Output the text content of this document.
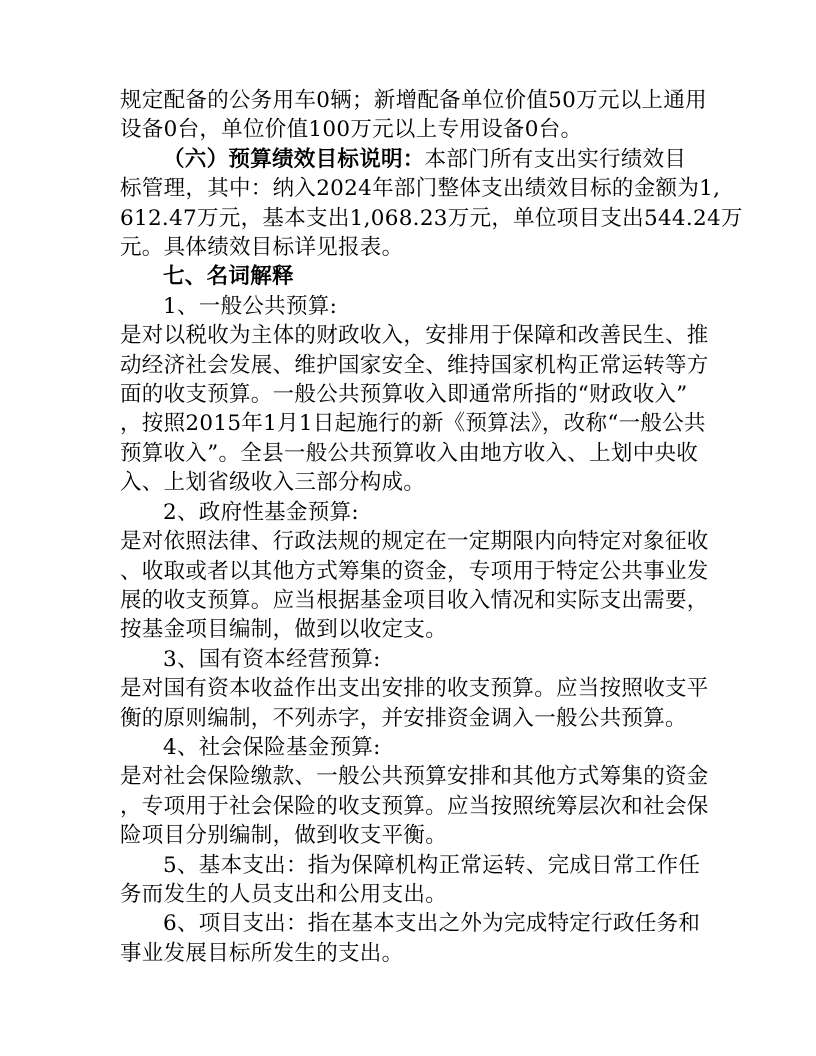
规定配备的公务用车0辆；新增配备单位价值50万元以上通用
设备0台，单位价值100万元以上专用设备0台。
（六）预算绩效目标说明：本部门所有支出实行绩效目
标管理，其中：纳入2024年部门整体支出绩效目标的金额为1,
612.47万元，基本支出1,068.23万元，单位项目支出544.24万
元。具体绩效目标详见报表。
七、名词解释
1、一般公共预算:
是对以税收为主体的财政收入，安排用于保障和改善民生、推
动经济社会发展、维护国家安全、维持国家机构正常运转等方
面的收支预算。一般公共预算收入即通常所指的“财政收入”
，按照2015年1月1日起施行的新《预算法》，改称“一般公共
预算收入”。全县一般公共预算收入由地方收入、上划中央收
入、上划省级收入三部分构成。
2、政府性基金预算:
是对依照法律、行政法规的规定在一定期限内向特定对象征收
、收取或者以其他方式筹集的资金，专项用于特定公共事业发
展的收支预算。应当根据基金项目收入情况和实际支出需要，
按基金项目编制，做到以收定支。
3、国有资本经营预算:
是对国有资本收益作出支出安排的收支预算。应当按照收支平
衡的原则编制，不列赤字，并安排资金调入一般公共预算。
4、社会保险基金预算:
是对社会保险缴款、一般公共预算安排和其他方式筹集的资金
，专项用于社会保险的收支预算。应当按照统筹层次和社会保
险项目分别编制，做到收支平衡。
5、基本支出：指为保障机构正常运转、完成日常工作任
务而发生的人员支出和公用支出。
6、项目支出：指在基本支出之外为完成特定行政任务和
事业发展目标所发生的支出。
